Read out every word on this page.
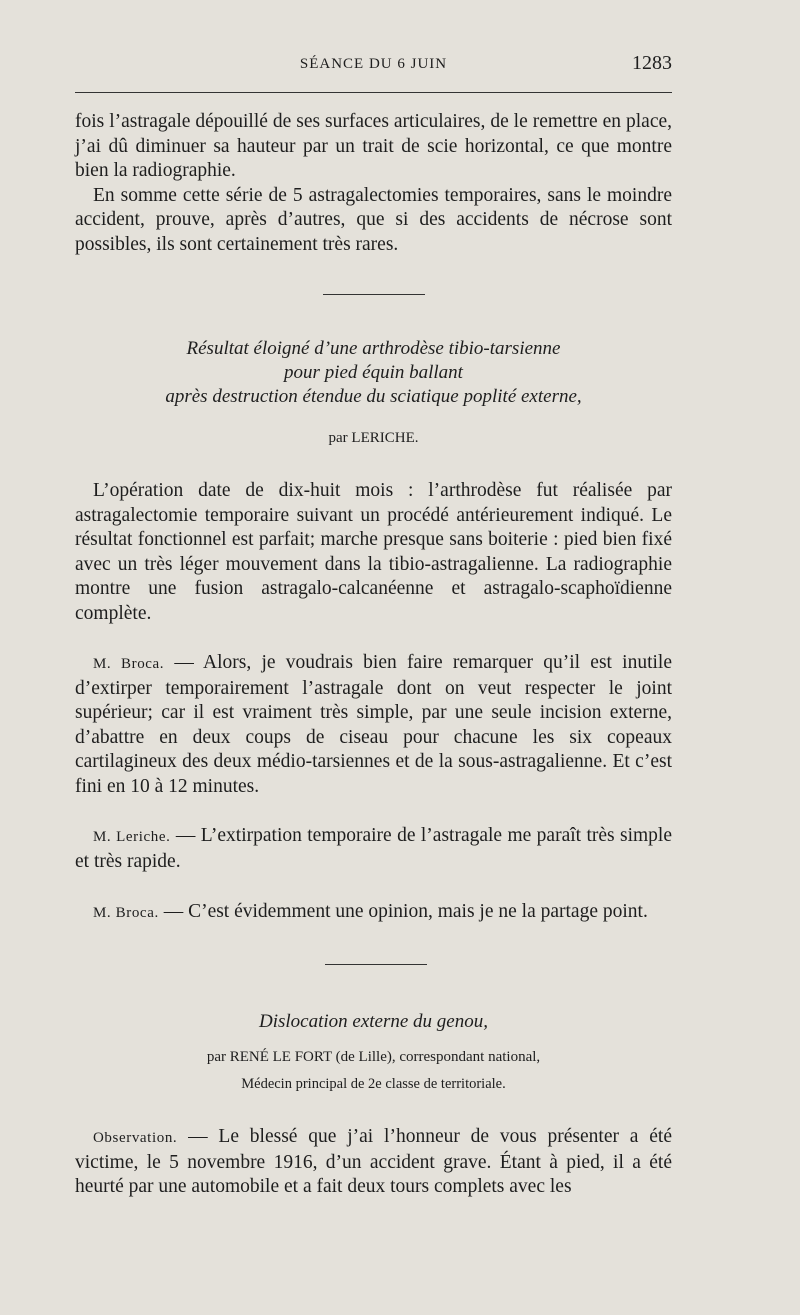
SÉANCE DU 6 JUIN	1283

fois l’astragale dépouillé de ses surfaces articulaires, de le remettre en place, j’ai dû diminuer sa hauteur par un trait de scie horizontal, ce que montre bien la radiographie.

En somme cette série de 5 astragalectomies temporaires, sans le moindre accident, prouve, après d’autres, que si des accidents de nécrose sont possibles, ils sont certainement très rares.

Résultat éloigné d’une arthrodèse tibio-tarsienne
pour pied équin ballant
après destruction étendue du sciatique poplité externe,
par LERICHE.

L’opération date de dix-huit mois : l’arthrodèse fut réalisée par astragalectomie temporaire suivant un procédé antérieurement indiqué. Le résultat fonctionnel est parfait; marche presque sans boiterie : pied bien fixé avec un très léger mouvement dans la tibio-astragalienne. La radiographie montre une fusion astragalo-calcanéenne et astragalo-scaphoïdienne complète.

M. Broca. — Alors, je voudrais bien faire remarquer qu’il est inutile d’extirper temporairement l’astragale dont on veut respecter le joint supérieur; car il est vraiment très simple, par une seule incision externe, d’abattre en deux coups de ciseau pour chacune les six copeaux cartilagineux des deux médio-tarsiennes et de la sous-astragalienne. Et c’est fini en 10 à 12 minutes.

M. Leriche. — L’extirpation temporaire de l’astragale me paraît très simple et très rapide.

M. Broca. — C’est évidemment une opinion, mais je ne la partage point.

Dislocation externe du genou,
par RENÉ LE FORT (de Lille), correspondant national,
Médecin principal de 2e classe de territoriale.

Observation. — Le blessé que j’ai l’honneur de vous présenter a été victime, le 5 novembre 1916, d’un accident grave. Étant à pied, il a été heurté par une automobile et a fait deux tours complets avec les
